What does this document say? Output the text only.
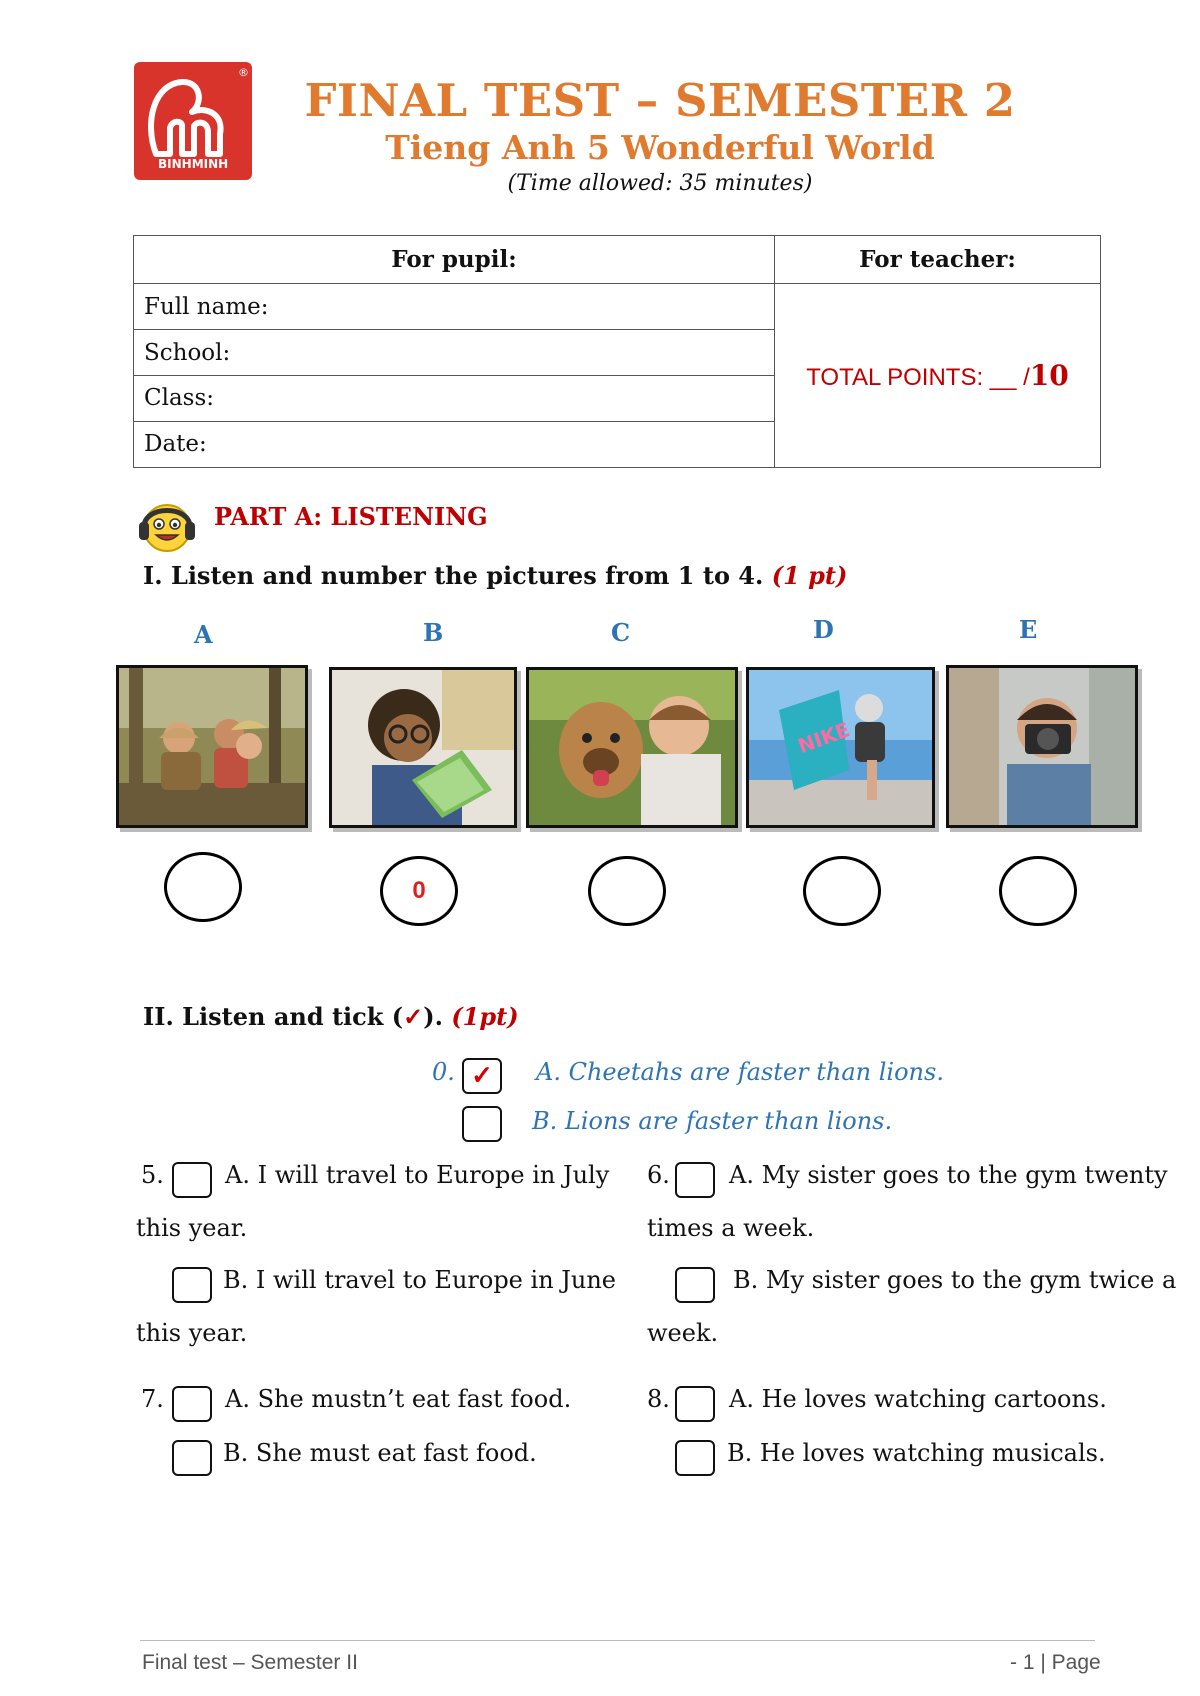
®
BINHMINH
FINAL TEST – SEMESTER 2
Tieng Anh 5 Wonderful World
(Time allowed: 35 minutes)
For pupil:	For teacher:
Full name:	TOTAL POINTS: __ /10
School:	
Class:	
Date:	
PART A: LISTENING
I. Listen and number the pictures from 1 to 4. (1 pt)
A	B	C	D	E
NIKE
0
II. Listen and tick (✓). (1pt)
0. ✓	A. Cheetahs are faster than lions.
B. Lions are faster than lions.
5.	A. I will travel to Europe in July
this year.
B. I will travel to Europe in June
this year.
6. A. My sister goes to the gym twenty
times a week.
B. My sister goes to the gym twice a
week.
7.	A. She mustn’t eat fast food.
B. She must eat fast food.
8. A. He loves watching cartoons.
B. He loves watching musicals.
Final test – Semester II	- 1 | Page
